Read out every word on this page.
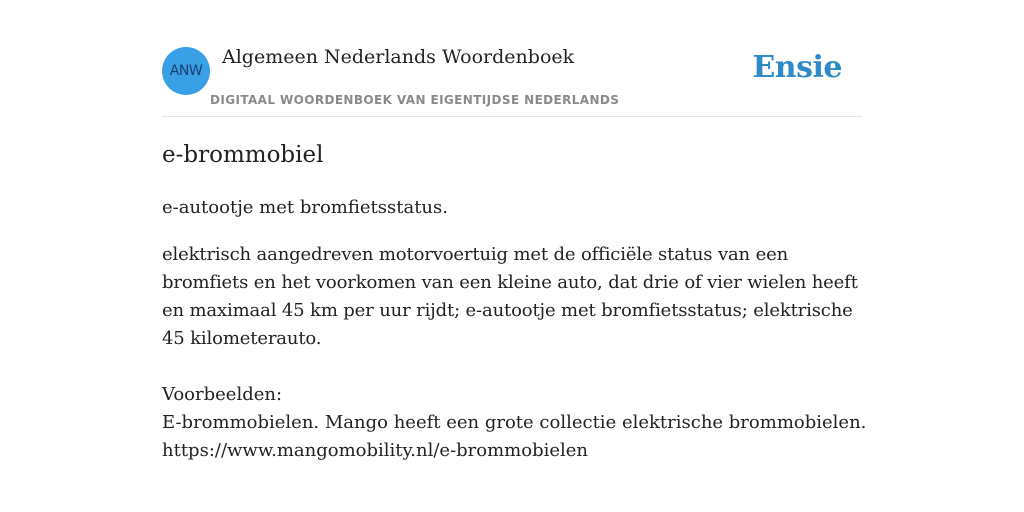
ANW
Algemeen Nederlands Woordenboek
DIGITAAL WOORDENBOEK VAN EIGENTIJDSE NEDERLANDS
Ensie
e-brommobiel

e-autootje met bromfietsstatus.

elektrisch aangedreven motorvoertuig met de officiële status van een bromfiets en het voorkomen van een kleine auto, dat drie of vier wielen heeft en maximaal 45 km per uur rijdt; e-autootje met bromfietsstatus; elektrische 45 kilometerauto.

Voorbeelden:
E-brommobielen. Mango heeft een grote collectie elektrische brommobielen.
https://www.mangomobility.nl/e-brommobielen
